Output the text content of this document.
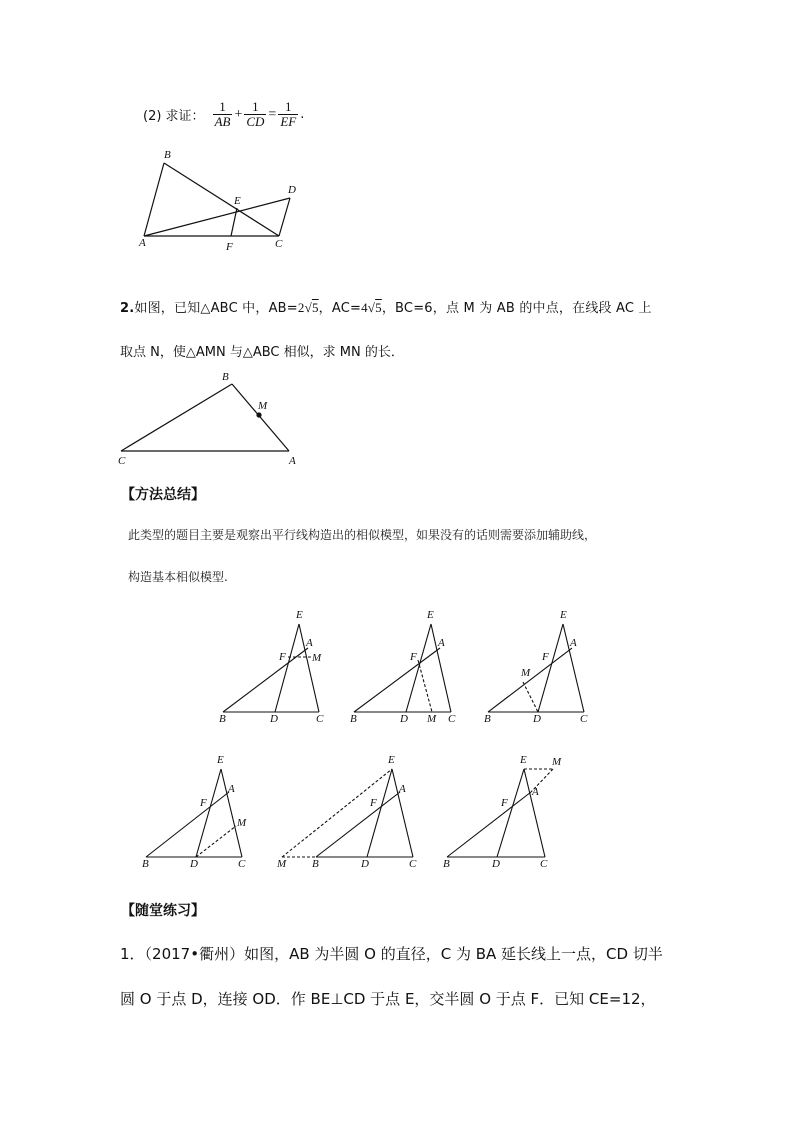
(2) 求证： $\frac{1}{AB} + \frac{1}{CD} = \frac{1}{EF}$ .
B
D
E
A	F	C
B
M
C	A
E
A
F M
B	D	C
E
A
F
B	D M C
E
A
F
M
B	D	C
E
A
F
M
B	D	C
E
A
F
M B	D	C
E
A
F
M
B	D	C
2.如图，已知△ABC 中，AB=2√5，AC=4√5，BC=6，点 M 为 AB 的中点，在线段 AC 上
取点 N，使△AMN 与△ABC 相似，求 MN 的长．
【方法总结】
此类型的题目主要是观察出平行线构造出的相似模型，如果没有的话则需要添加辅助线，
构造基本相似模型.
【随堂练习】
1．（2017•衢州）如图，AB 为半圆 O 的直径，C 为 BA 延长线上一点，CD 切半
圆 O 于点 D，连接 OD．作 BE⊥CD 于点 E，交半圆 O 于点 F．已知 CE=12，
